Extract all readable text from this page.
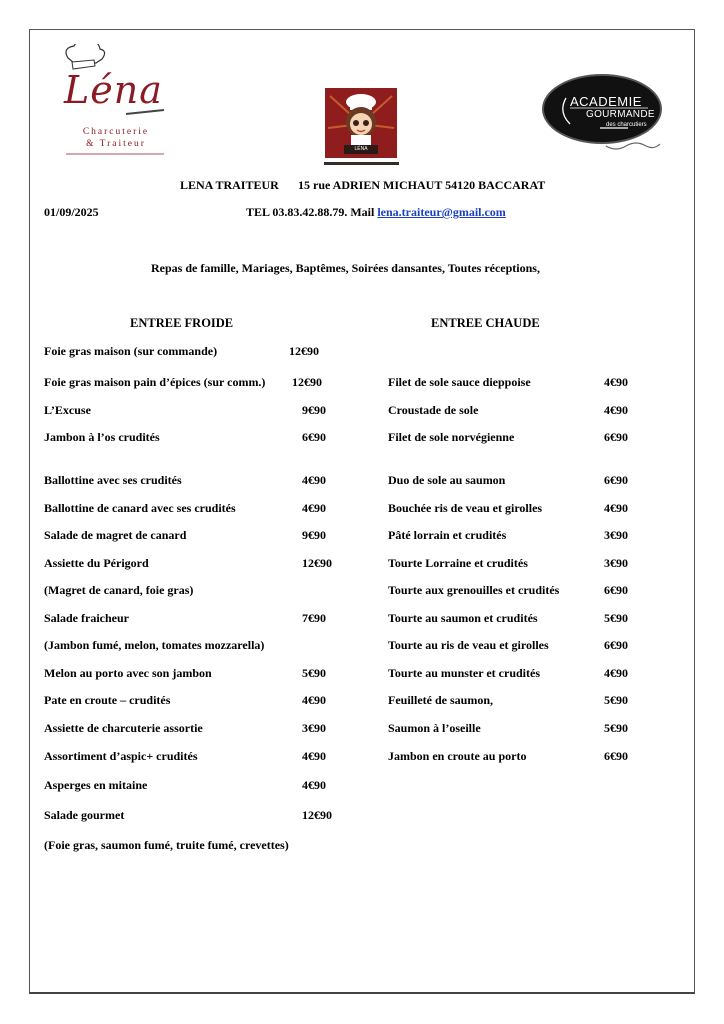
Léna
Charcuterie
& Traiteur	LÉNA
ACADEMIE
GOURMANDE
des charcutiers
LENA TRAITEUR 15 rue ADRIEN MICHAUT 54120 BACCARAT
01/09/2025	TEL 03.83.42.88.79. Mail lena.traiteur@gmail.com
Repas de famille, Mariages, Baptêmes, Soirées dansantes, Toutes réceptions,
ENTREE FROIDE	ENTREE CHAUDE
Foie gras maison (sur commande)	12€90
Foie gras maison pain d’épices (sur comm.) 12€90
L’Excuse	9€90
Jambon à l’os crudités	6€90
Ballottine avec ses crudités	4€90
Ballottine de canard avec ses crudités	4€90
Salade de magret de canard	9€90
Assiette du Périgord	12€90
(Magret de canard, foie gras)
Salade fraicheur	7€90
(Jambon fumé, melon, tomates mozzarella)
Melon au porto avec son jambon	5€90
Pate en croute – crudités	4€90
Assiette de charcuterie assortie	3€90
Assortiment d’aspic+ crudités	4€90
Asperges en mitaine	4€90
Salade gourmet	12€90
(Foie gras, saumon fumé, truite fumé, crevettes)
Filet de sole sauce dieppoise	4€90
Croustade de sole	4€90
Filet de sole norvégienne	6€90
Duo de sole au saumon	6€90
Bouchée ris de veau et girolles	4€90
Pâté lorrain et crudités	3€90
Tourte Lorraine et crudités	3€90
Tourte aux grenouilles et crudités	6€90
Tourte au saumon et crudités	5€90
Tourte au ris de veau et girolles	6€90
Tourte au munster et crudités	4€90
Feuilleté de saumon,	5€90
Saumon à l’oseille	5€90
Jambon en croute au porto	6€90
